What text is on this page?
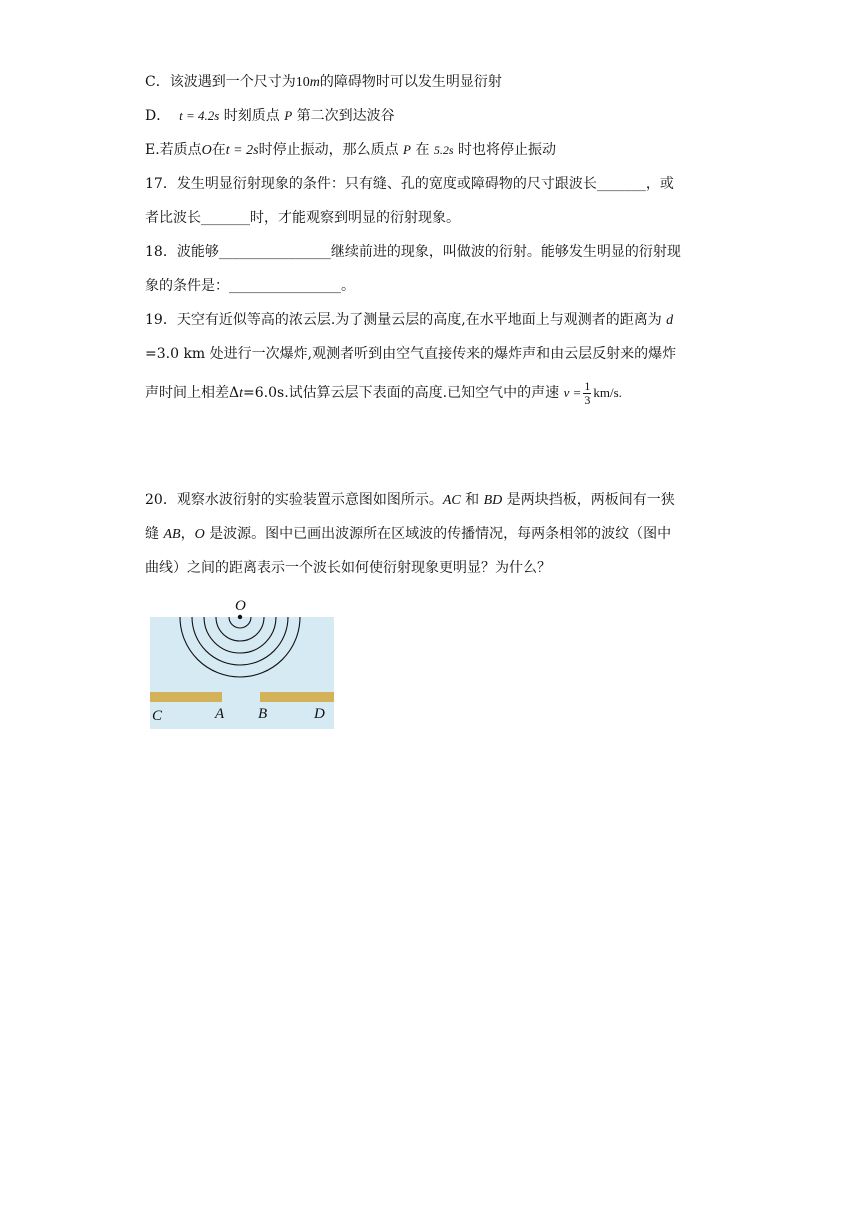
C．该波遇到一个尺寸为10m的障碍物时可以发生明显衍射
D． t = 4.2s 时刻质点 P 第二次到达波谷
E.若质点O在t = 2s时停止振动，那么质点 P 在 5.2s 时也将停止振动
17．发生明显衍射现象的条件：只有缝、孔的宽度或障碍物的尺寸跟波长_______，或
者比波长_______时，才能观察到明显的衍射现象。
18．波能够________________继续前进的现象，叫做波的衍射。能够发生明显的衍射现
象的条件是：________________。
19．天空有近似等高的浓云层.为了测量云层的高度,在水平地面上与观测者的距离为 d
=3.0 km 处进行一次爆炸,观测者听到由空气直接传来的爆炸声和由云层反射来的爆炸
声时间上相差Δt=6.0s.试估算云层下表面的高度.已知空气中的声速 $v = \frac{1}{3} km/s$.
20．观察水波衍射的实验装置示意图如图所示。AC 和 BD 是两块挡板，两板间有一狭
缝 AB，O 是波源。图中已画出波源所在区域波的传播情况，每两条相邻的波纹（图中
曲线）之间的距离表示一个波长如何使衍射现象更明显？为什么？
O
C	A B	D
